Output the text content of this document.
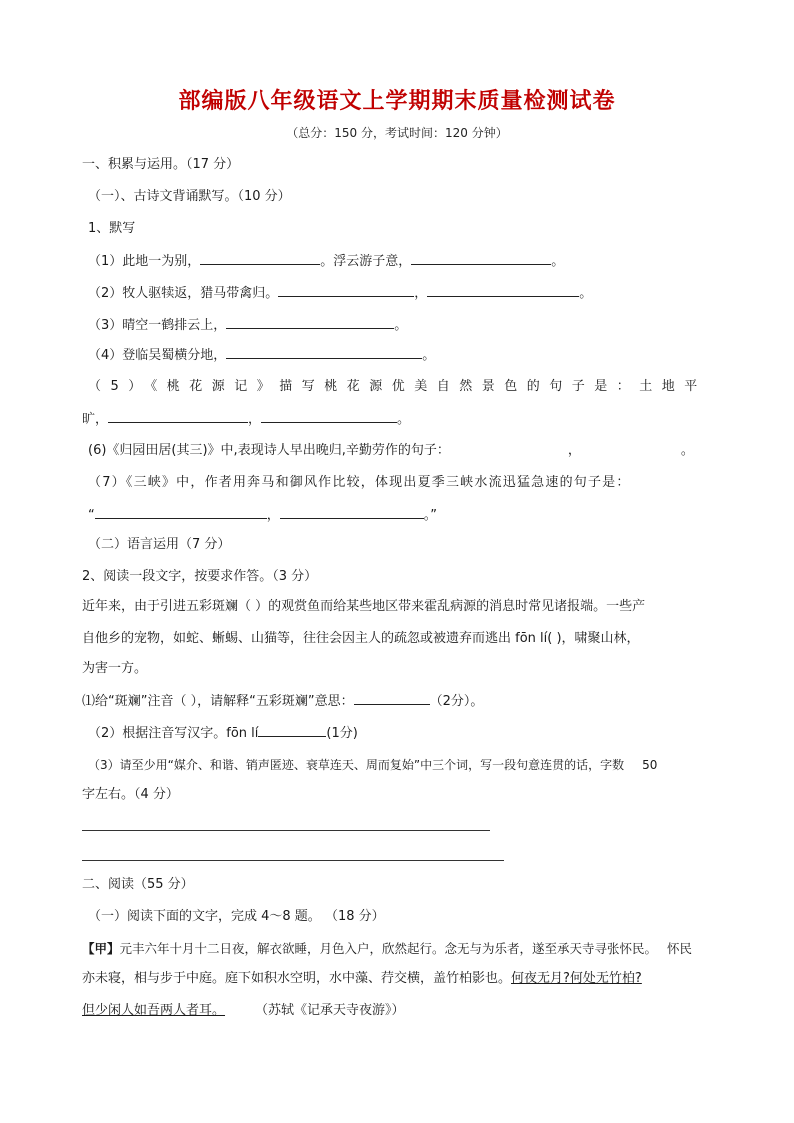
部编版八年级语文上学期期末质量检测试卷
（总分：150 分，考试时间：120 分钟）
一、积累与运用。（17 分）
（一）、古诗文背诵默写。（10 分）
1、默写
（1）此地一为别，	。浮云游子意，	。
（2）牧人驱犊返，猎马带禽归。	，	。
（3）晴空一鹤排云上，	。
（4）登临吴蜀横分地，	。
（5）《桃花源记》描写桃花源优美自然景色的句子是：土地平
旷，	，	。
(6)《归园田居(其三)》中,表现诗人早出晚归,辛勤劳作的句子：	，	。
（7）《三峡》中，作者用奔马和御风作比较，体现出夏季三峡水流迅猛急速的句子是：
“	，	。”
（二）语言运用（7 分）
2、阅读一段文字，按要求作答。（3 分）
近年来，由于引进五彩斑斓（ ）的观赏鱼而给某些地区带来霍乱病源的消息时常见诸报端。一些产
自他乡的宠物，如蛇、蜥蜴、山猫等，往往会因主人的疏忽或被遗弃而逃出 fōn lí( )，啸聚山林，
为害一方。
⑴给“斑斓”注音（ ），请解释“五彩斑斓”意思：	（2分）。
（2）根据注音写汉字。fōn lí	(1分)
（3）请至少用“媒介、和谐、销声匿迹、衰草连天、周而复始”中三个词，写一段句意连贯的话，字数 50
字左右。（4 分）
二、阅读（55 分）
（一）阅读下面的文字，完成 4～8 题。 （18 分）
【甲】元丰六年十月十二日夜，解衣欲睡，月色入户，欣然起行。念无与为乐者，遂至承天寺寻张怀民。 怀民
亦未寝，相与步于中庭。庭下如积水空明，水中藻、荇交横，盖竹柏影也。何夜无月?何处无竹柏?
但少闲人如吾两人者耳。 （苏轼《记承天寺夜游》）
